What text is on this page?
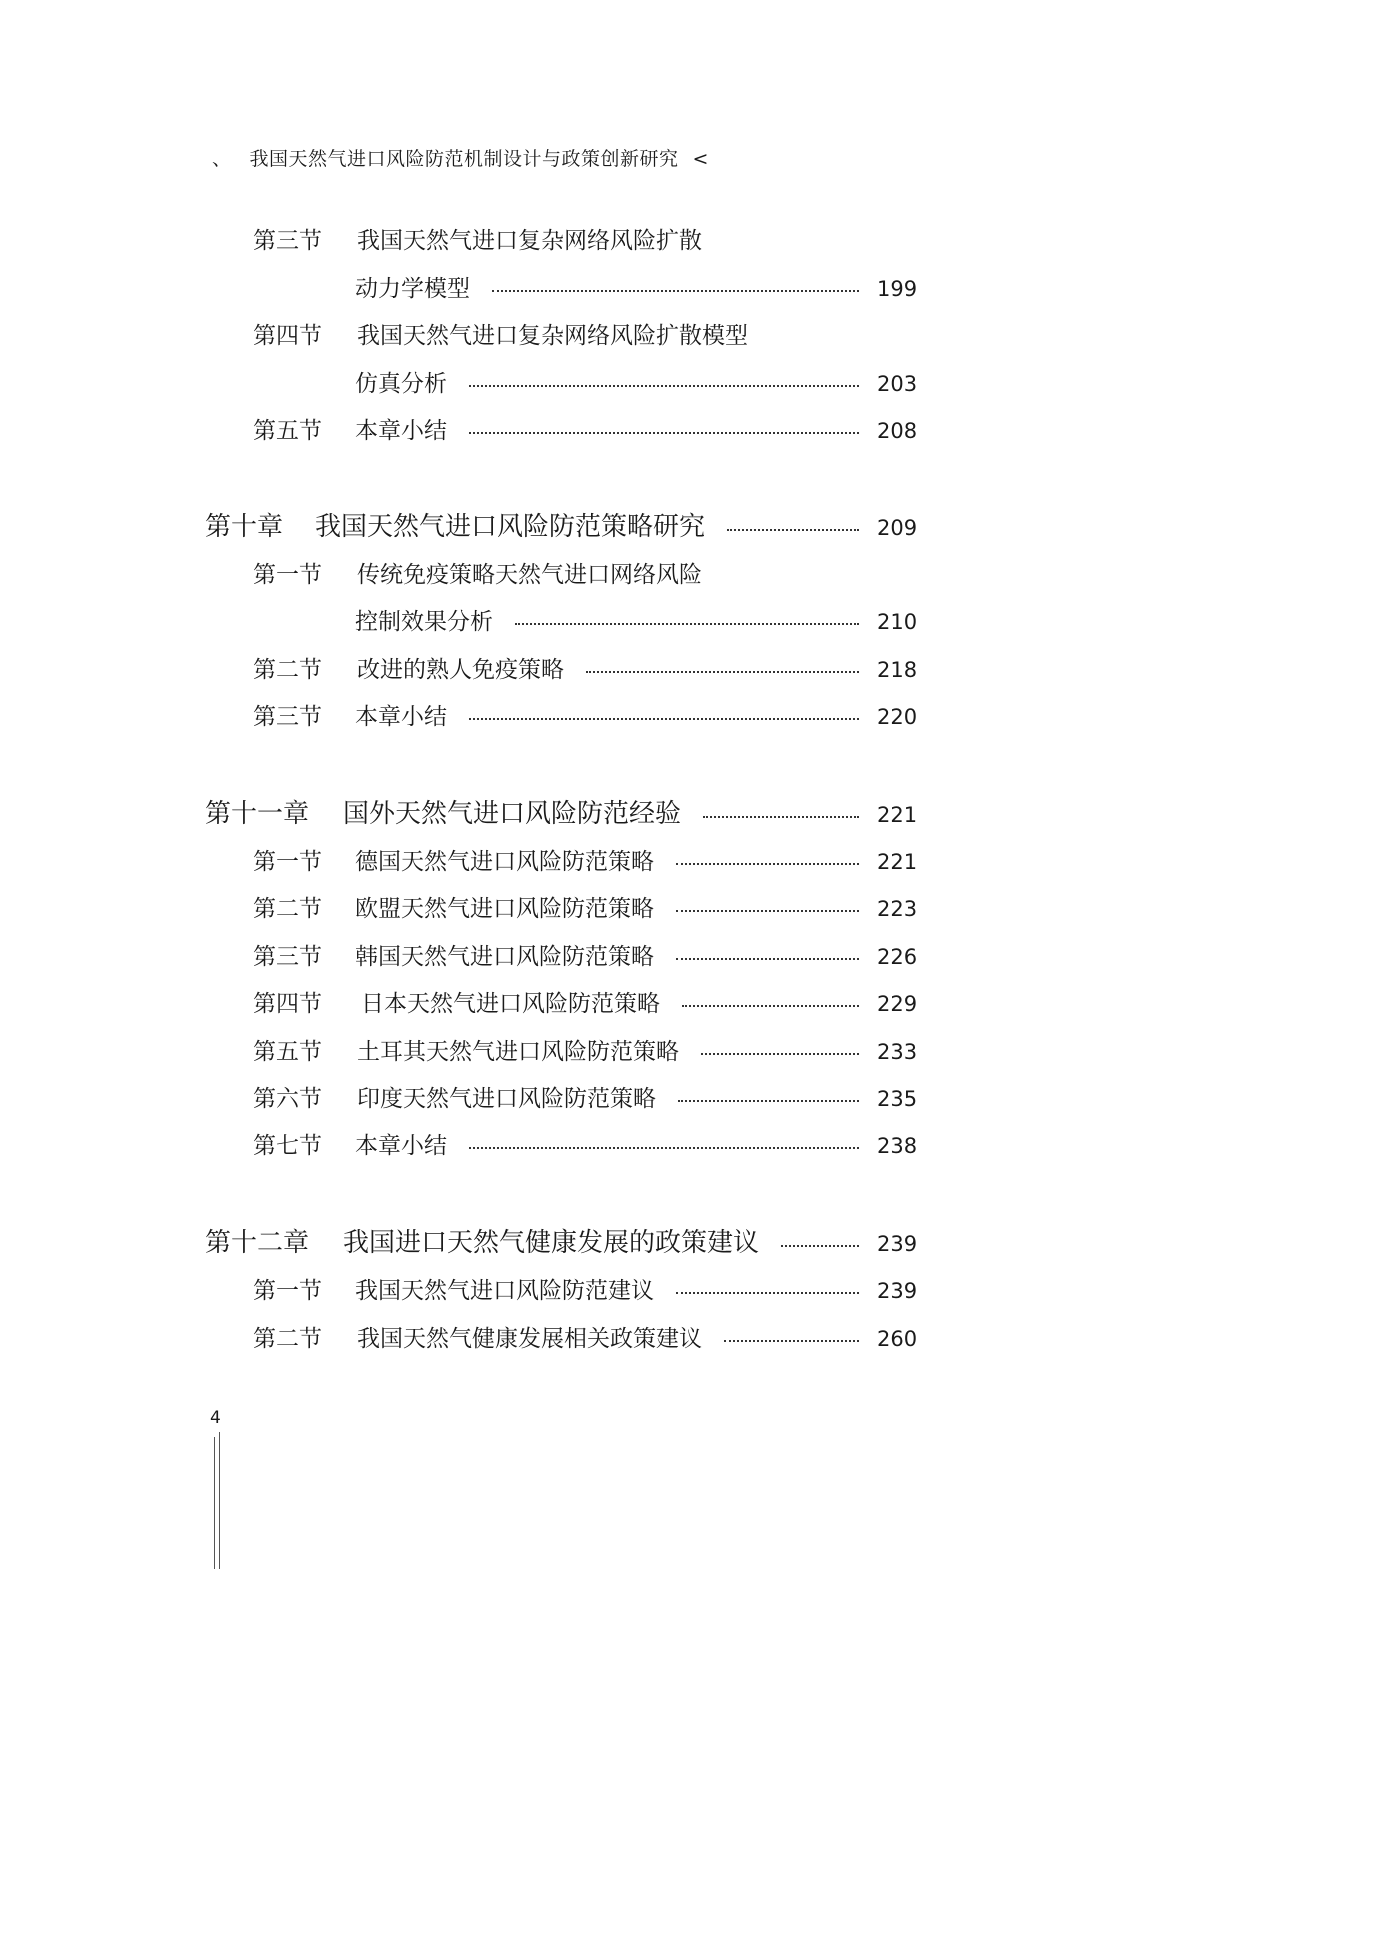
、 我国天然气进口风险防范机制设计与政策创新研究 <
第三节	我国天然气进口复杂网络风险扩散
动力学模型	199
第四节	我国天然气进口复杂网络风险扩散模型
仿真分析	203
第五节	本章小结	208
第十章	我国天然气进口风险防范策略研究	209
第一节	传统免疫策略天然气进口网络风险
控制效果分析	210
第二节	改进的熟人免疫策略	218
第三节	本章小结	220
第十一章	国外天然气进口风险防范经验	221
第一节	德国天然气进口风险防范策略	221
第二节	欧盟天然气进口风险防范策略	223
第三节	韩国天然气进口风险防范策略	226
第四节	日本天然气进口风险防范策略	229
第五节	土耳其天然气进口风险防范策略	233
第六节	印度天然气进口风险防范策略	235
第七节	本章小结	238
第十二章	我国进口天然气健康发展的政策建议	239
第一节	我国天然气进口风险防范建议	239
第二节	我国天然气健康发展相关政策建议	260
4
